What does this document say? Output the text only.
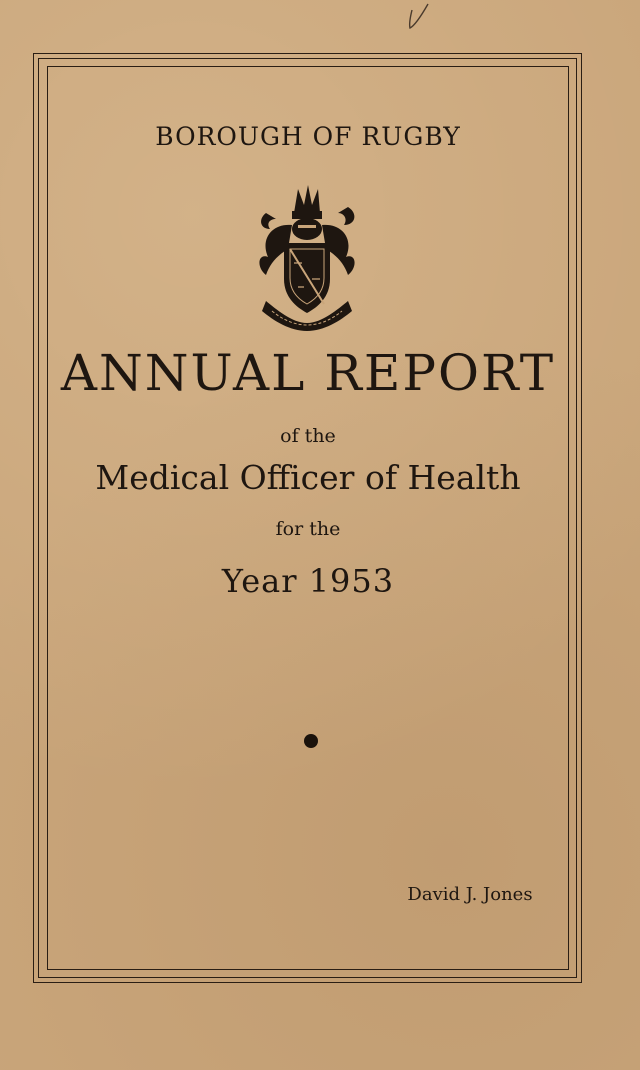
BOROUGH OF RUGBY
ANNUAL REPORT
of the
Medical Officer of Health
for the
Year 1953
David J. Jones
